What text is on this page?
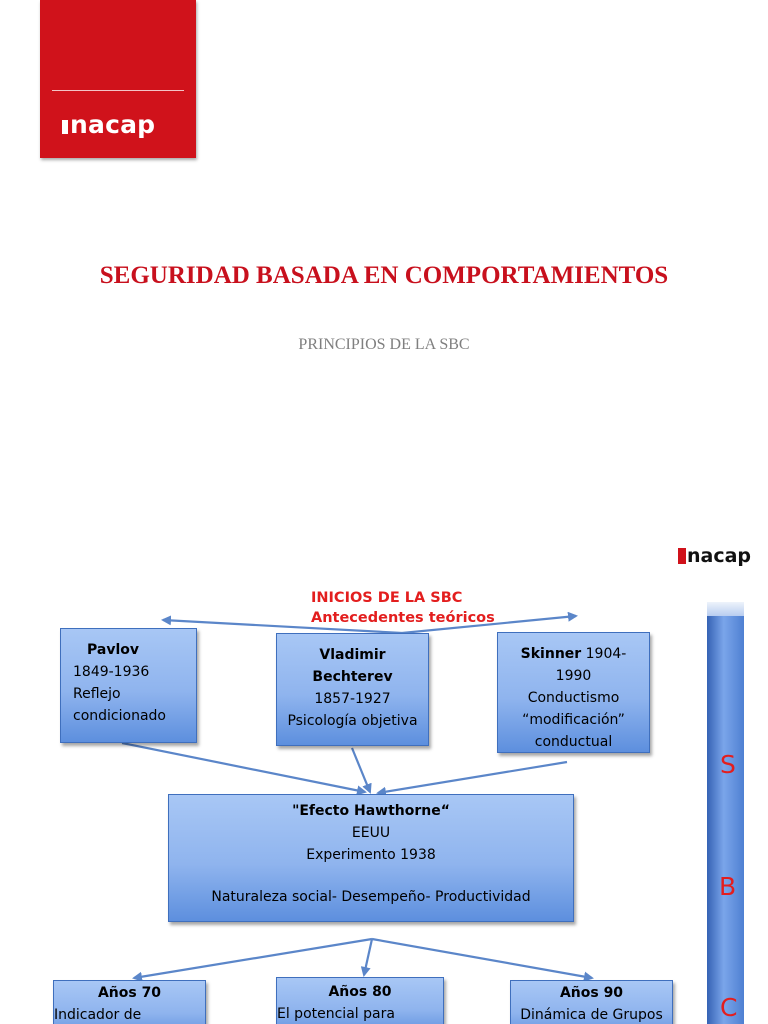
nacap
SEGURIDAD BASADA EN COMPORTAMIENTOS
PRINCIPIOS DE LA SBC
nacap
INICIOS DE LA SBC
Antecedentes teóricos
Pavlov
1849-1936
Reflejo
condicionado
Vladimir Bechterev
1857-1927
Psicología objetiva
Skinner 1904-
1990
Conductismo
“modificación”
conductual
"Efecto Hawthorne“
EEUU
Experimento 1938
Naturaleza social- Desempeño- Productividad
Años 70
Indicador de
Años 80
El potencial para
Años 90
Dinámica de Grupos
S
B
C
